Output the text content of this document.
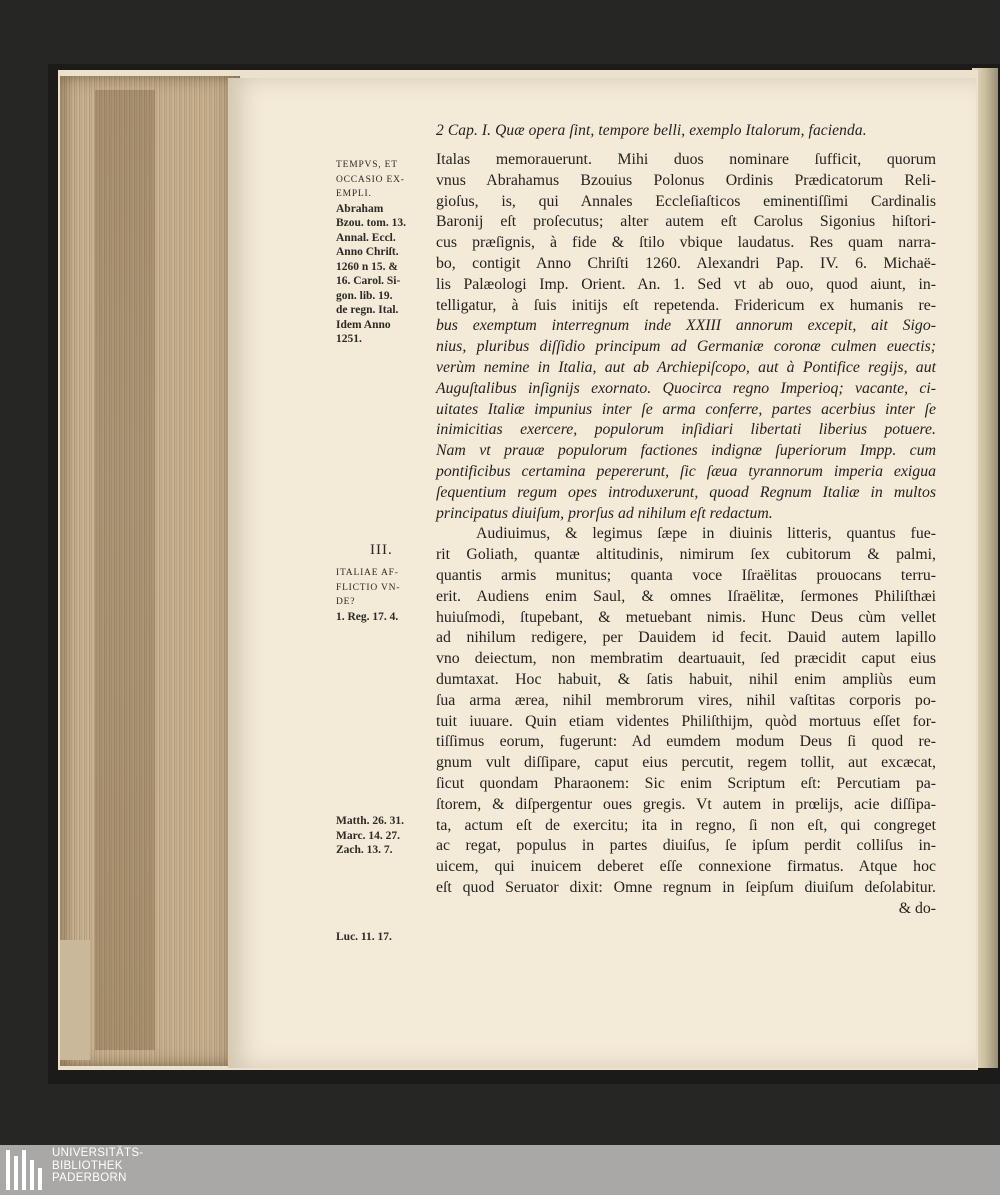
2 Cap. I. Quæ opera ſint, tempore belli, exemplo Italorum, facienda.
Italas memorauerunt. Mihi duos nominare ſufficit, quorum
vnus Abrahamus Bzouius Polonus Ordinis Prædicatorum Reli-
gioſus, is, qui Annales Eccleſiaſticos eminentiſſimi Cardinalis
Baronij eſt proſecutus; alter autem eſt Carolus Sigonius hiſtori-
cus præſignis, à fide & ſtilo vbique laudatus. Res quam narra-
bo, contigit Anno Chriſti 1260. Alexandri Pap. IV. 6. Michaë-
lis Palæologi Imp. Orient. An. 1. Sed vt ab ouo, quod aiunt, in-
telligatur, à ſuis initijs eſt repetenda. Fridericum ex humanis re-
bus exemptum interregnum inde XXIII annorum excepit, ait Sigo-
nius, pluribus diſſidio principum ad Germaniæ coronæ culmen euectis;
verùm nemine in Italia, aut ab Archiepiſcopo, aut à Pontifice regijs, aut
Auguſtalibus inſignijs exornato. Quocirca regno Imperioq; vacante, ci-
uitates Italiæ impunius inter ſe arma conferre, partes acerbius inter ſe
inimicitias exercere, populorum inſidiari libertati liberius potuere.
Nam vt prauæ populorum factiones indignæ ſuperiorum Impp. cum
pontificibus certamina pepererunt, ſic ſæua tyrannorum imperia exigua
ſequentium regum opes introduxerunt, quoad Regnum Italiæ in multos
principatus diuiſum, prorſus ad nihilum eſt redactum.
Audiuimus, & legimus ſæpe in diuinis litteris, quantus fue-
rit Goliath, quantæ altitudinis, nimirum ſex cubitorum & palmi,
quantis armis munitus; quanta voce Iſraëlitas prouocans terru-
erit. Audiens enim Saul, & omnes Iſraëlitæ, ſermones Philiſthæi
huiuſmodi, ſtupebant, & metuebant nimis. Hunc Deus cùm vellet
ad nihilum redigere, per Dauidem id fecit. Dauid autem lapillo
vno deiectum, non membratim deartuauit, ſed præcidit caput eius
dumtaxat. Hoc habuit, & ſatis habuit, nihil enim ampliùs eum
ſua arma ærea, nihil membrorum vires, nihil vaſtitas corporis po-
tuit iuuare. Quin etiam videntes Philiſthijm, quòd mortuus eſſet for-
tiſſimus eorum, fugerunt: Ad eumdem modum Deus ſi quod re-
gnum vult diſſipare, caput eius percutit, regem tollit, aut excæcat,
ſicut quondam Pharaonem: Sic enim Scriptum eſt: Percutiam pa-
ſtorem, & diſpergentur oues gregis. Vt autem in prœlijs, acie diſſipa-
ta, actum eſt de exercitu; ita in regno, ſi non eſt, qui congreget
ac regat, populus in partes diuiſus, ſe ipſum perdit colliſus in-
uicem, qui inuicem deberet eſſe connexione firmatus. Atque hoc
eſt quod Seruator dixit: Omne regnum in ſeipſum diuiſum deſolabitur.
& do-
TEMPVS, ET
OCCASIO EX-
EMPLI.
Abraham
Bzou. tom. 13.
Annal. Eccl.
Anno Chriſt.
1260 n 15. &
16. Carol. Si-
gon. lib. 19.
de regn. Ital.
Idem Anno
1251.
III.
ITALIAE AF-
FLICTIO VN-
DE?
1. Reg. 17. 4.
Matth. 26. 31.
Marc. 14. 27.
Zach. 13. 7.
Luc. 11. 17.
UNIVERSITÄTS-
BIBLIOTHEK
PADERBORN
